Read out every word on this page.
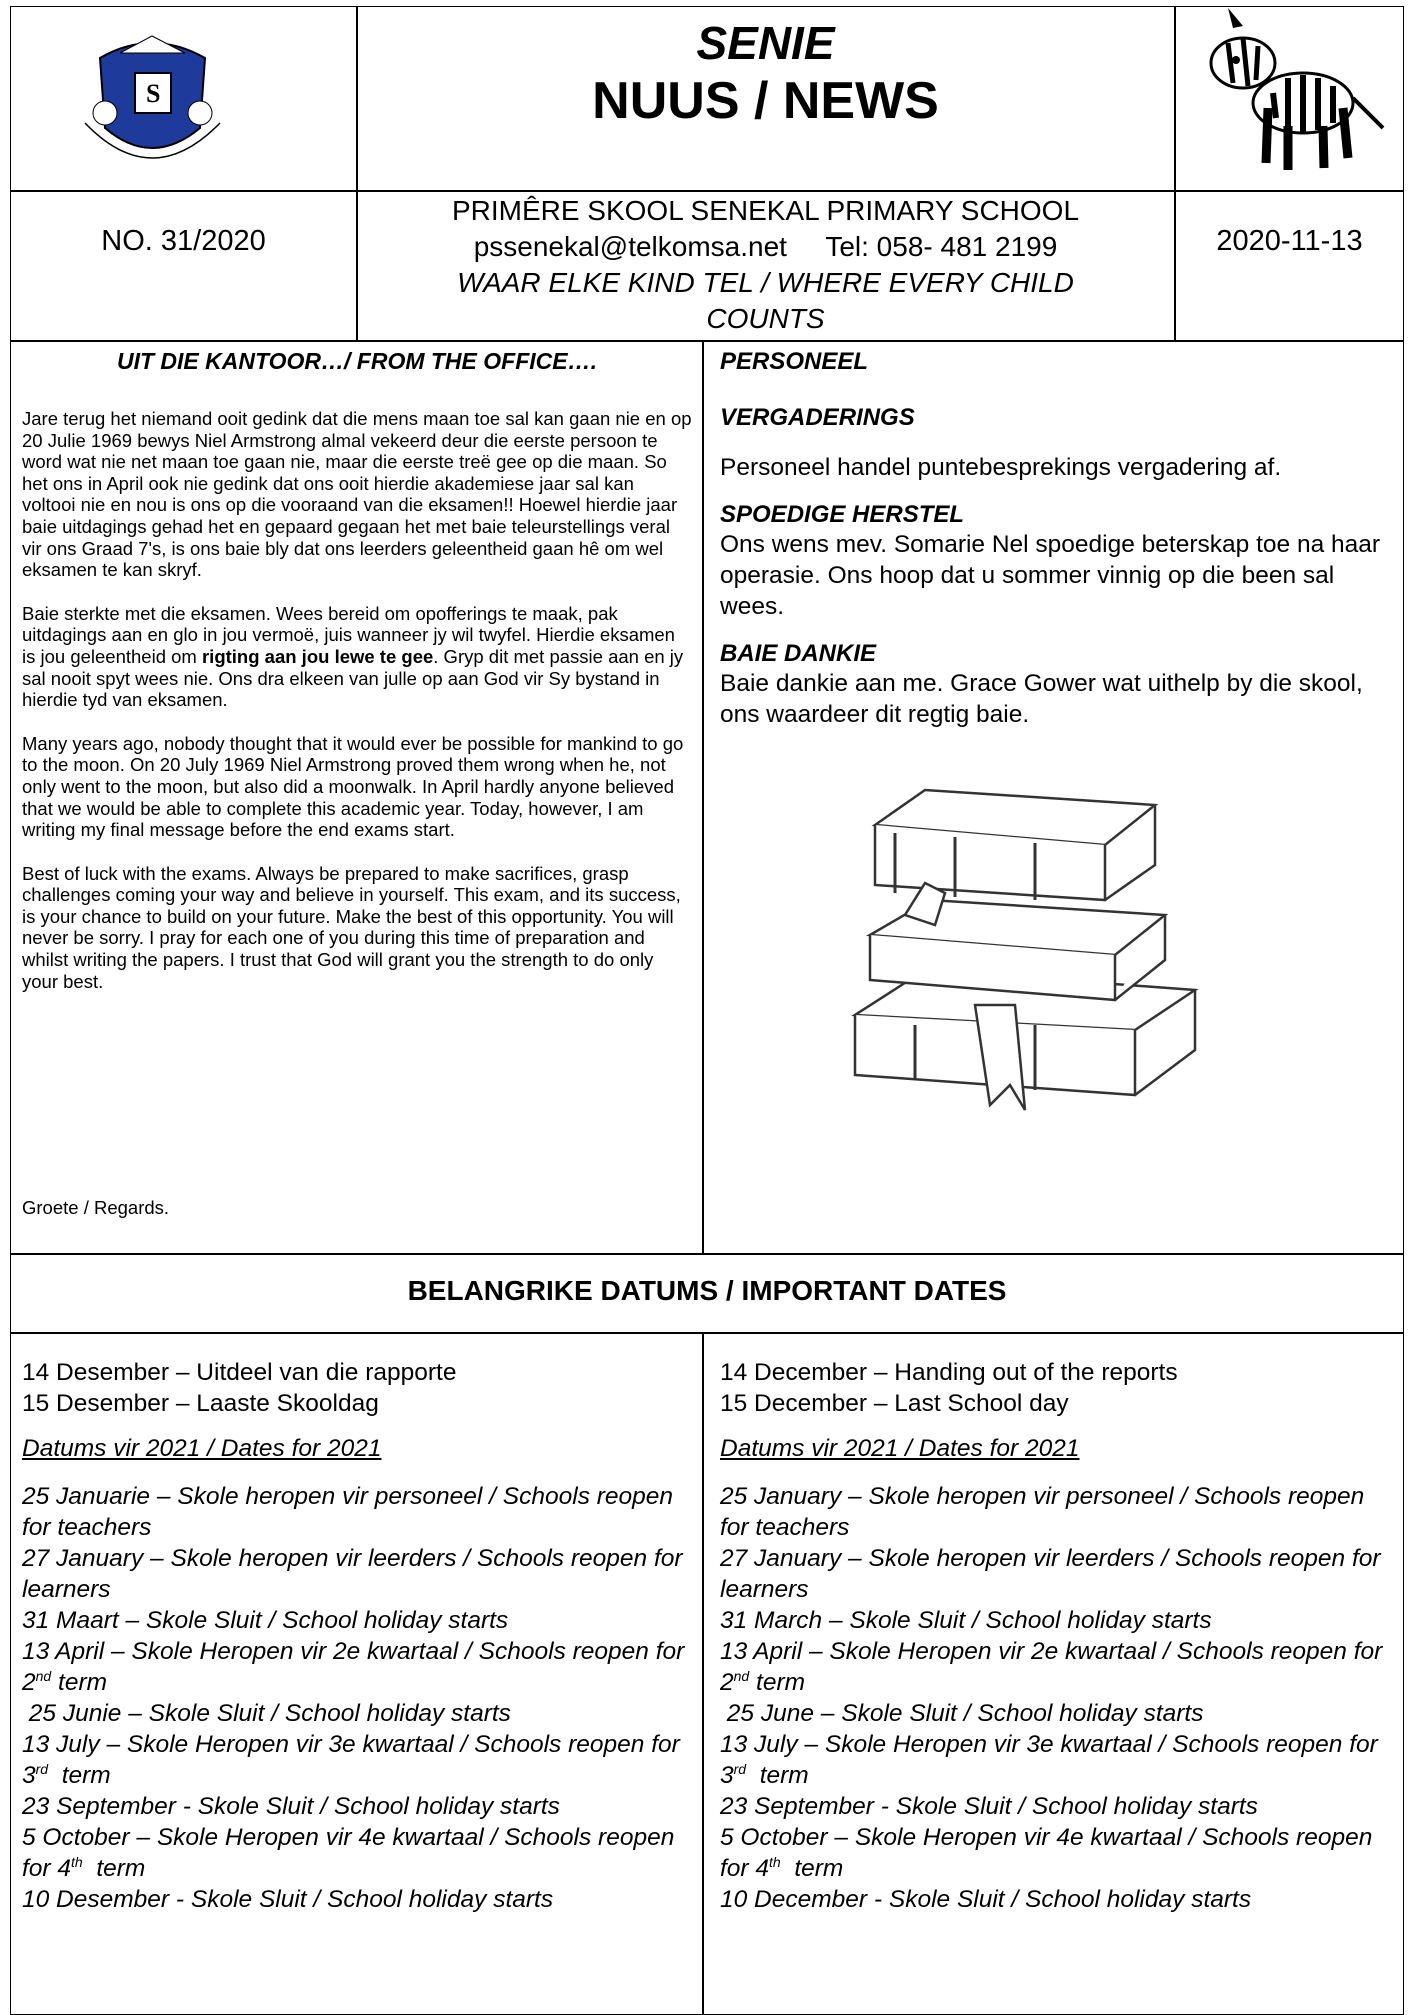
S
SENIE
NUUS / NEWS
NO. 31/2020
PRIMÊRE SKOOL SENEKAL PRIMARY SCHOOL
pssenekal@telkomsa.net     Tel: 058- 481 2199
WAAR ELKE KIND TEL / WHERE EVERY CHILD COUNTS
2020-11-13
UIT DIE KANTOOR…/ FROM THE OFFICE….

Jare terug het niemand ooit gedink dat die mens maan toe sal kan gaan nie en op 20 Julie 1969 bewys Niel Armstrong almal vekeerd deur die eerste persoon te word wat nie net maan toe gaan nie, maar die eerste treë gee op die maan. So het ons in April ook nie gedink dat ons ooit hierdie akademiese jaar sal kan voltooi nie en nou is ons op die vooraand van die eksamen!! Hoewel hierdie jaar baie uitdagings gehad het en gepaard gegaan het met baie teleurstellings veral vir ons Graad 7's, is ons baie bly dat ons leerders geleentheid gaan hê om wel eksamen te kan skryf.

Baie sterkte met die eksamen. Wees bereid om opofferings te maak, pak uitdagings aan en glo in jou vermoë, juis wanneer jy wil twyfel. Hierdie eksamen is jou geleentheid om rigting aan jou lewe te gee. Gryp dit met passie aan en jy sal nooit spyt wees nie. Ons dra elkeen van julle op aan God vir Sy bystand in hierdie tyd van eksamen.

Many years ago, nobody thought that it would ever be possible for mankind to go to the moon. On 20 July 1969 Niel Armstrong proved them wrong when he, not only went to the moon, but also did a moonwalk. In April hardly anyone believed that we would be able to complete this academic year. Today, however, I am writing my final message before the end exams start.

Best of luck with the exams. Always be prepared to make sacrifices, grasp challenges coming your way and believe in yourself. This exam, and its success, is your chance to build on your future. Make the best of this opportunity. You will never be sorry. I pray for each one of you during this time of preparation and whilst writing the papers. I trust that God will grant you the strength to do only your best.

Groete / Regards.
PERSONEEL
VERGADERINGS
Personeel handel puntebesprekings vergadering af.
SPOEDIGE HERSTEL
Ons wens mev. Somarie Nel spoedige beterskap toe na haar operasie. Ons hoop dat u sommer vinnig op die been sal wees.
BAIE DANKIE
Baie dankie aan me. Grace Gower wat uithelp by die skool, ons waardeer dit regtig baie.
BELANGRIKE DATUMS / IMPORTANT DATES
14 Desember – Uitdeel van die rapporte
15 Desember – Laaste Skooldag
Datums vir 2021 / Dates for 2021
25 Januarie – Skole heropen vir personeel / Schools reopen for teachers
27 January – Skole heropen vir leerders / Schools reopen for learners
31 Maart – Skole Sluit / School holiday starts
13 April – Skole Heropen vir 2e kwartaal / Schools reopen for 2nd term
25 Junie – Skole Sluit / School holiday starts
13 July – Skole Heropen vir 3e kwartaal / Schools reopen for 3rd  term
23 September - Skole Sluit / School holiday starts
5 October – Skole Heropen vir 4e kwartaal / Schools reopen for 4th  term
10 Desember - Skole Sluit / School holiday starts
14 December – Handing out of the reports
15 December – Last School day
Datums vir 2021 / Dates for 2021
25 January – Skole heropen vir personeel / Schools reopen for teachers
27 January – Skole heropen vir leerders / Schools reopen for learners
31 March – Skole Sluit / School holiday starts
13 April – Skole Heropen vir 2e kwartaal / Schools reopen for 2nd term
25 June – Skole Sluit / School holiday starts
13 July – Skole Heropen vir 3e kwartaal / Schools reopen for 3rd  term
23 September - Skole Sluit / School holiday starts
5 October – Skole Heropen vir 4e kwartaal / Schools reopen for 4th  term
10 December - Skole Sluit / School holiday starts
